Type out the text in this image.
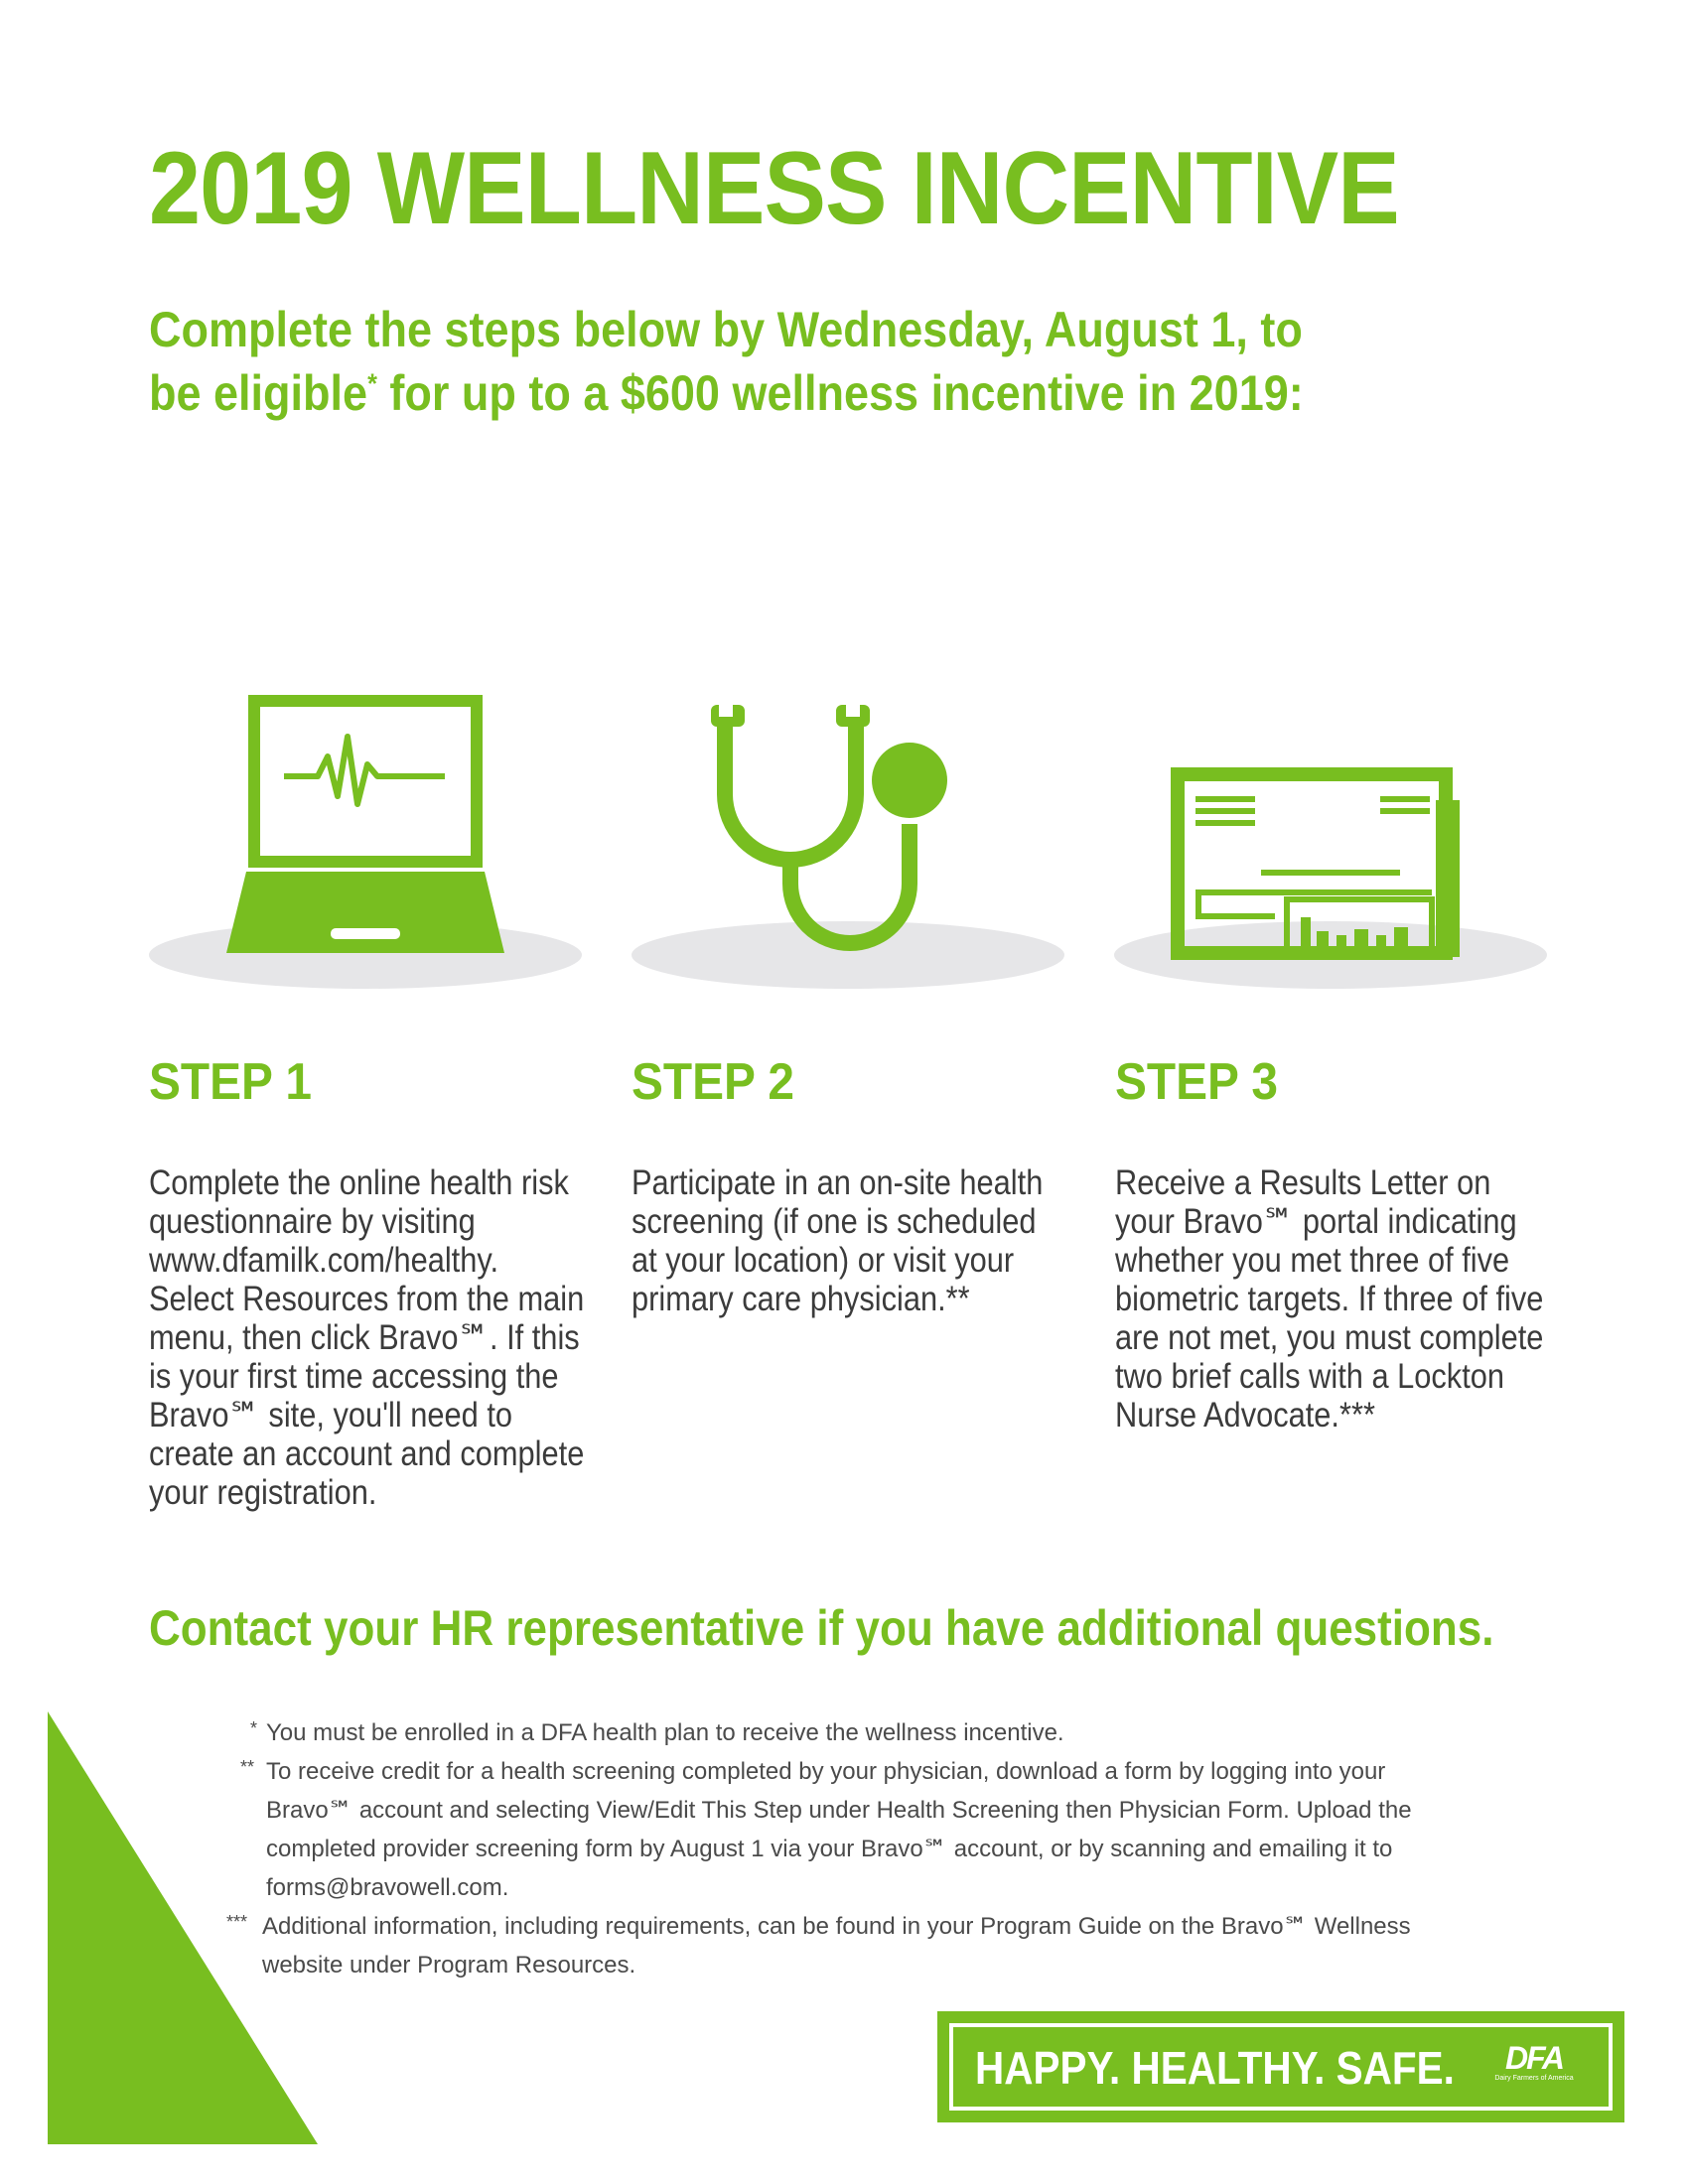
2019 WELLNESS INCENTIVE

Complete the steps below by Wednesday, August 1, to be eligible* for up to a $600 wellness incentive in 2019:

STEP 1

Complete the online health risk questionnaire by visiting www.dfamilk.com/healthy. Select Resources from the main menu, then click Bravo℠. If this is your first time accessing the Bravo℠ site, you'll need to create an account and complete your registration.

STEP 2

Participate in an on-site health screening (if one is scheduled at your location) or visit your primary care physician.**

STEP 3

Receive a Results Letter on your Bravo℠ portal indicating whether you met three of five biometric targets. If three of five are not met, you must complete two brief calls with a Lockton Nurse Advocate.***

Contact your HR representative if you have additional questions.

* You must be enrolled in a DFA health plan to receive the wellness incentive.
** To receive credit for a health screening completed by your physician, download a form by logging into your Bravo℠ account and selecting View/Edit This Step under Health Screening then Physician Form. Upload the completed provider screening form by August 1 via your Bravo℠ account, or by scanning and emailing it to forms@bravowell.com.
*** Additional information, including requirements, can be found in your Program Guide on the Bravo℠ Wellness website under Program Resources.

HAPPY. HEALTHY. SAFE.	DFA
Dairy Farmers of America
